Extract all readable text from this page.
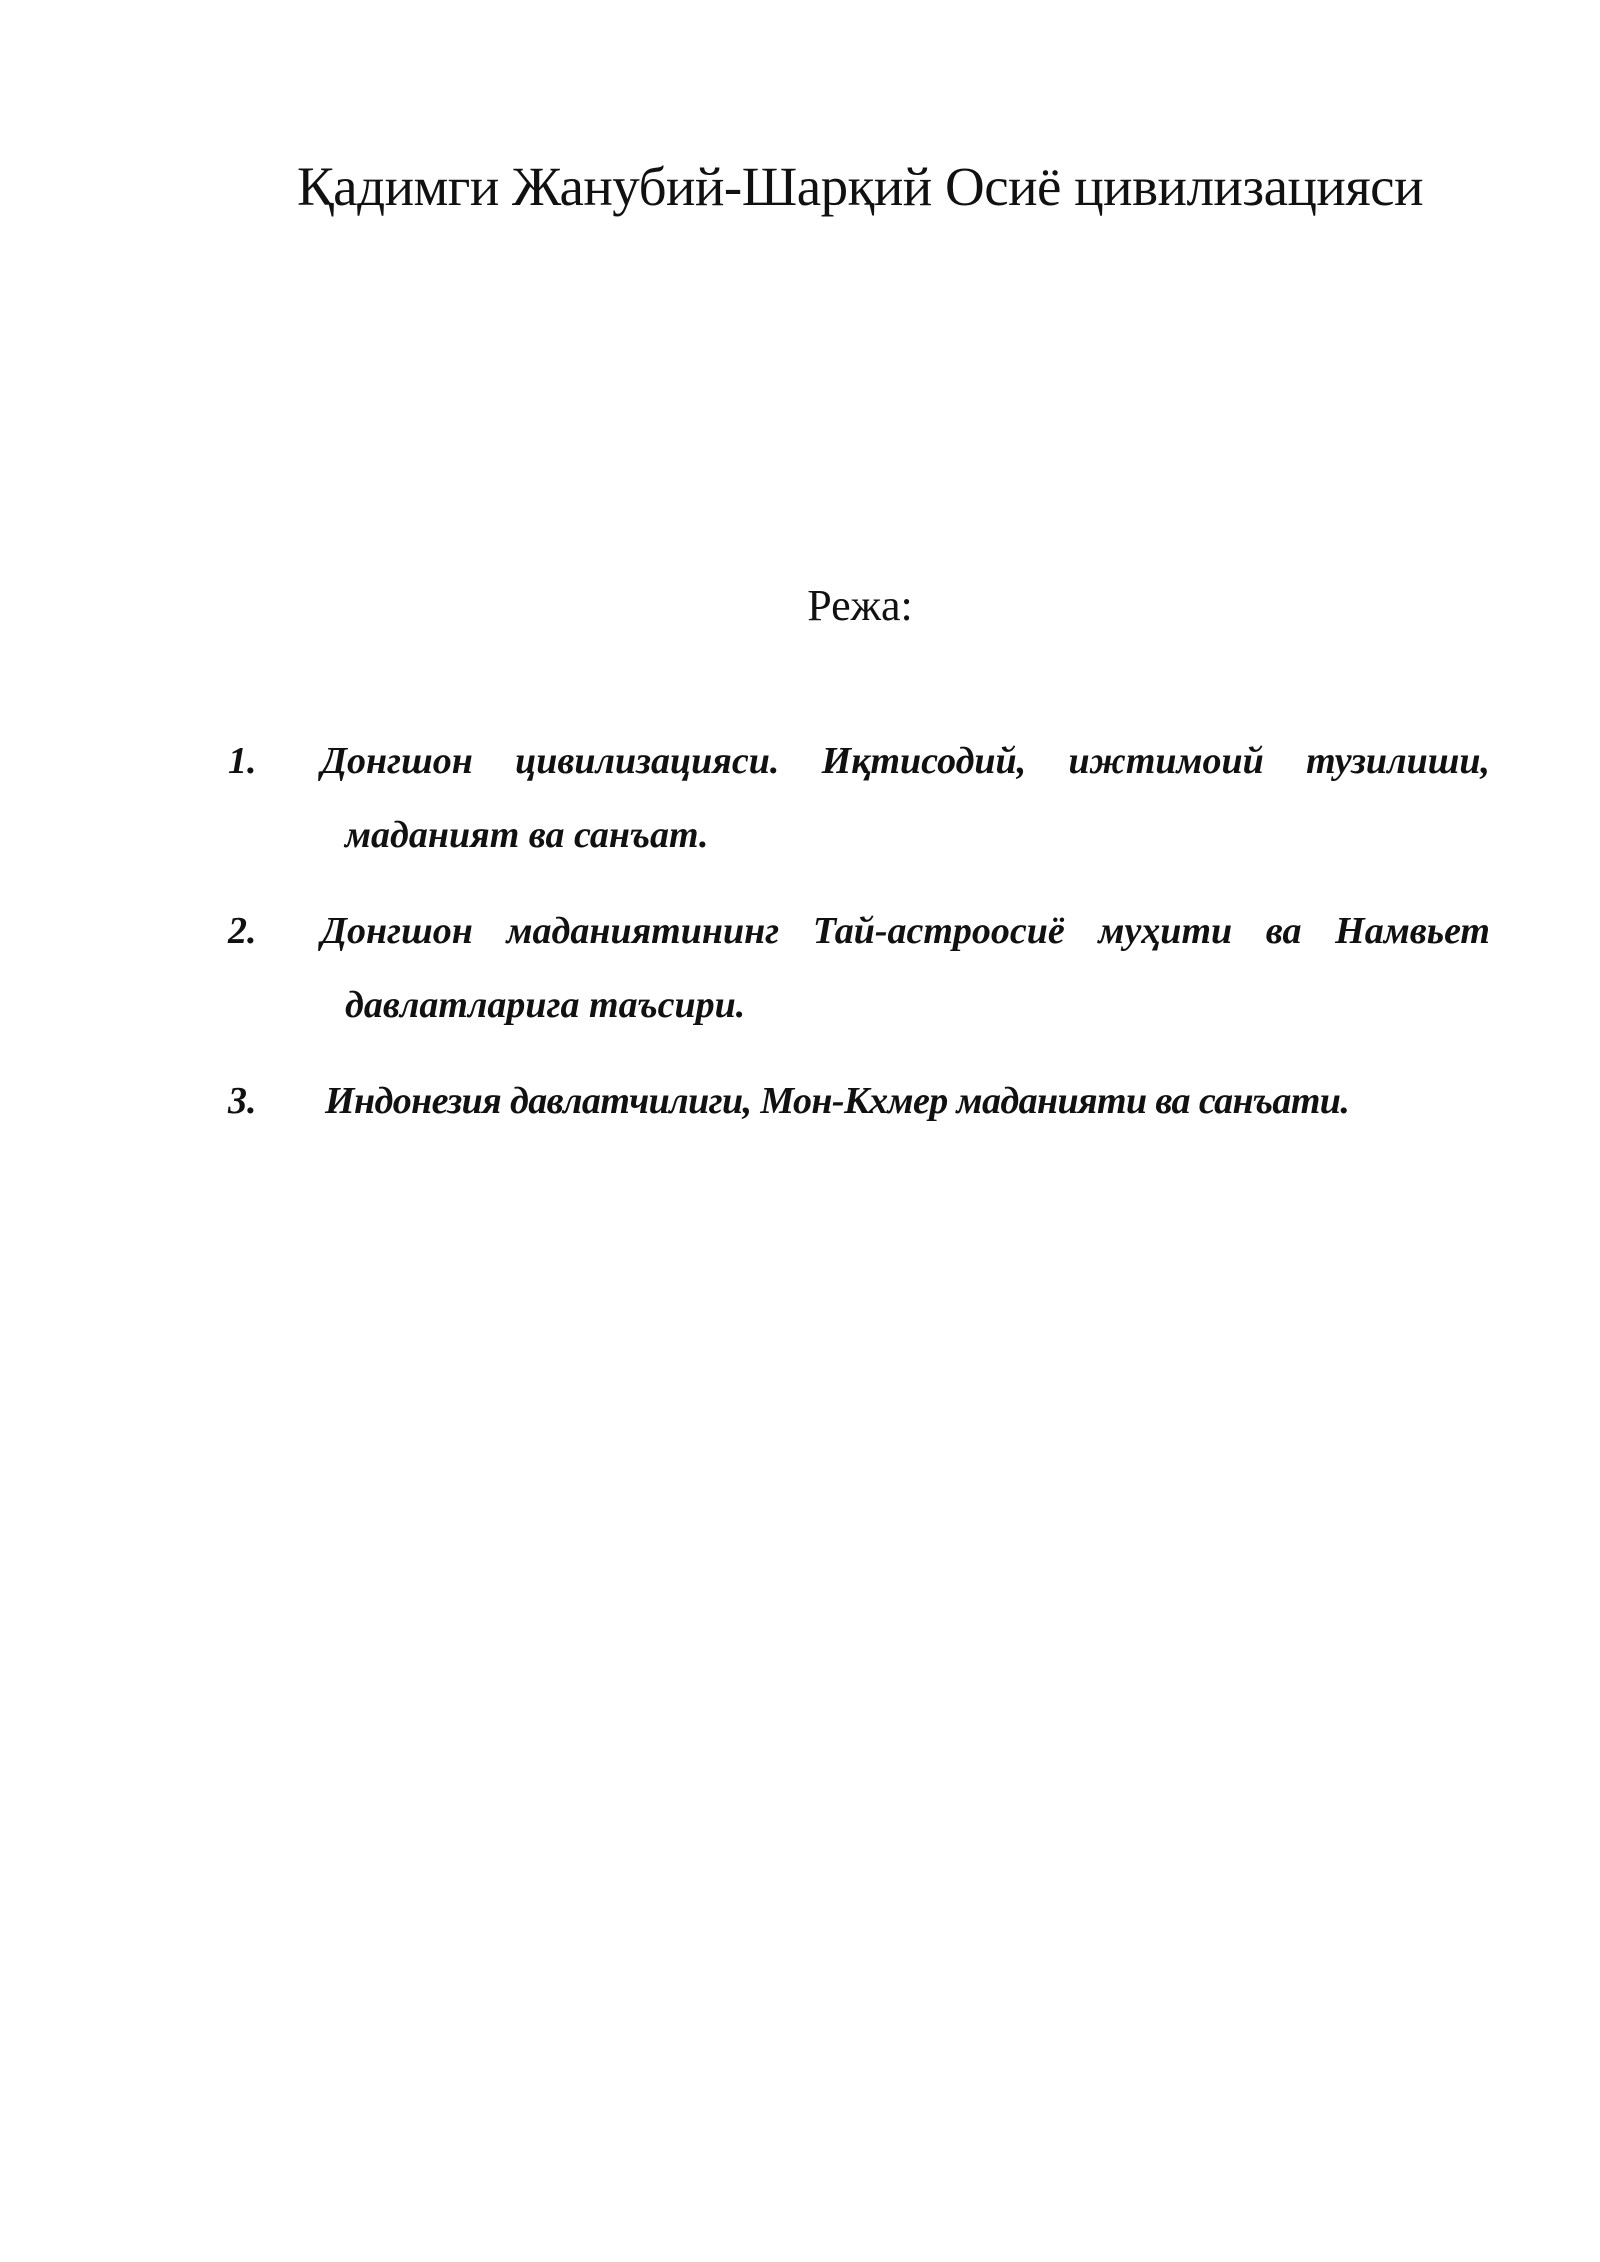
Қадимги Жанубий-Шарқий Осиё цивилизацияси
Режа:
1. Донгшон цивилизацияси. Иқтисодий, ижтимоий тузилиши,
маданият ва санъат.
2. Донгшон маданиятининг Тай-астроосиё муҳити ва Намвьет
давлатларига таъсири.
3. Индонезия давлатчилиги, Мон-Кхмер маданияти ва санъати.
